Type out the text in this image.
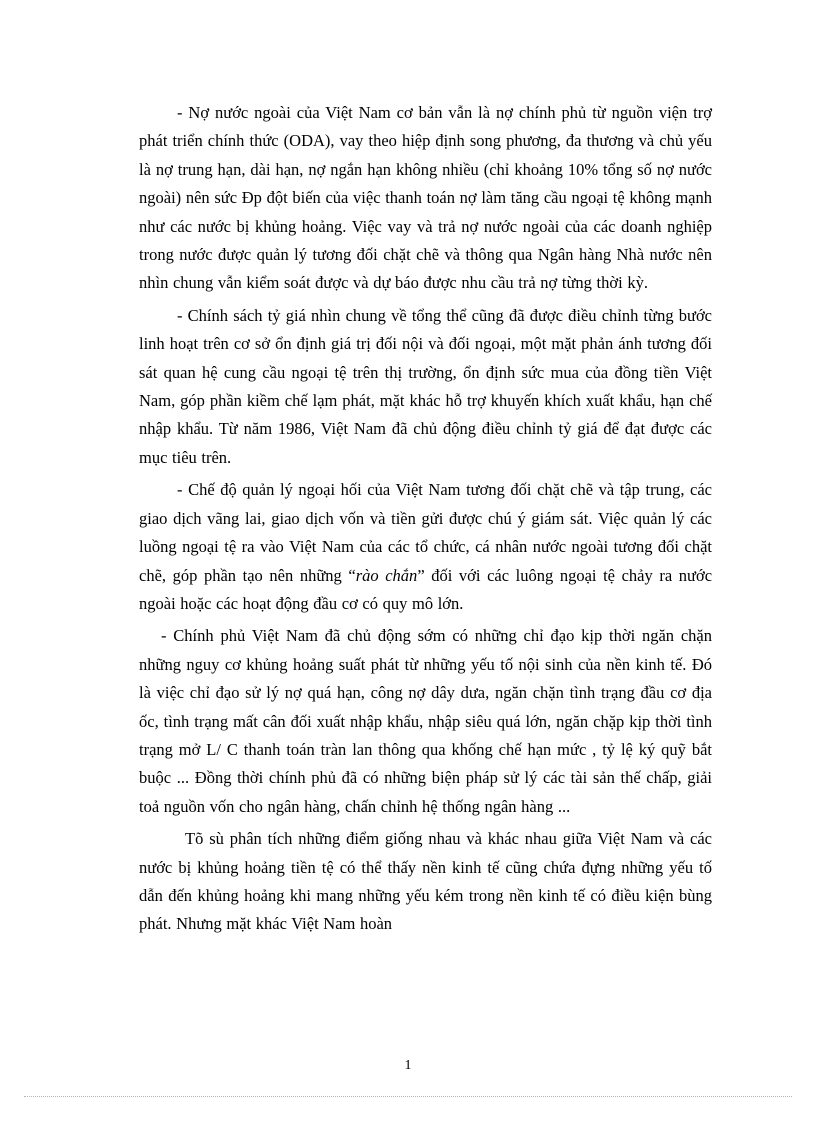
- Nợ nước ngoài của Việt Nam cơ bản vẫn là nợ chính phủ từ nguồn viện trợ phát triển chính thức (ODA), vay theo hiệp định song phương, đa thương và chủ yếu là nợ trung hạn, dài hạn, nợ ngắn hạn không nhiều (chỉ khoảng 10% tổng số nợ nước ngoài) nên sức Đp đột biến của việc thanh toán nợ làm tăng cầu ngoại tệ không mạnh như các nước bị khủng hoảng. Việc vay và trả nợ nước ngoài của các doanh nghiệp trong nước được quản lý tương đối chặt chẽ và thông qua Ngân hàng Nhà nước nên nhìn chung vẫn kiểm soát được và dự báo được nhu cầu trả nợ từng thời kỳ.

- Chính sách tỷ giá nhìn chung về tổng thể cũng đã được điều chỉnh từng bước linh hoạt trên cơ sở ổn định giá trị đối nội và đối ngoại, một mặt phản ánh tương đối sát quan hệ cung cầu ngoại tệ trên thị trường, ổn định sức mua của đồng tiền Việt Nam, góp phần kiềm chế lạm phát, mặt khác hỗ trợ khuyến khích xuất khẩu, hạn chế nhập khẩu. Từ năm 1986, Việt Nam đã chủ động điều chỉnh tỷ giá để đạt được các mục tiêu trên.

- Chế độ quản lý ngoại hối của Việt Nam tương đối chặt chẽ và tập trung, các giao dịch vãng lai, giao dịch vốn và tiền gửi được chú ý giám sát. Việc quản lý các luồng ngoại tệ ra vào Việt Nam của các tổ chức, cá nhân nước ngoài tương đối chặt chẽ, góp phần tạo nên những “rào chắn” đối với các luông ngoại tệ chảy ra nước ngoài hoặc các hoạt động đầu cơ có quy mô lớn.

- Chính phủ Việt Nam đã chủ động sớm có những chỉ đạo kịp thời ngăn chặn những nguy cơ khủng hoảng suất phát từ những yếu tố nội sinh của nền kinh tế. Đó là việc chỉ đạo sử lý nợ quá hạn, công nợ dây dưa, ngăn chặn tình trạng đầu cơ địa ốc, tình trạng mất cân đối xuất nhập khẩu, nhập siêu quá lớn, ngăn chặp kịp thời tình trạng mở L/ C thanh toán tràn lan thông qua khống chế hạn mức , tỷ lệ ký quỹ bắt buộc ... Đồng thời chính phủ đã có những biện pháp sử lý các tài sản thế chấp, giải toả nguồn vốn cho ngân hàng, chấn chỉnh hệ thống ngân hàng ...

Tõ sù phân tích những điểm giống nhau và khác nhau giữa Việt Nam và các nước bị khủng hoảng tiền tệ có thể thấy nền kinh tế cũng chứa đựng những yếu tố dẫn đến khủng hoảng khi mang những yếu kém trong nền kinh tế có điều kiện bùng phát. Nhưng mặt khác Việt Nam hoàn

1
